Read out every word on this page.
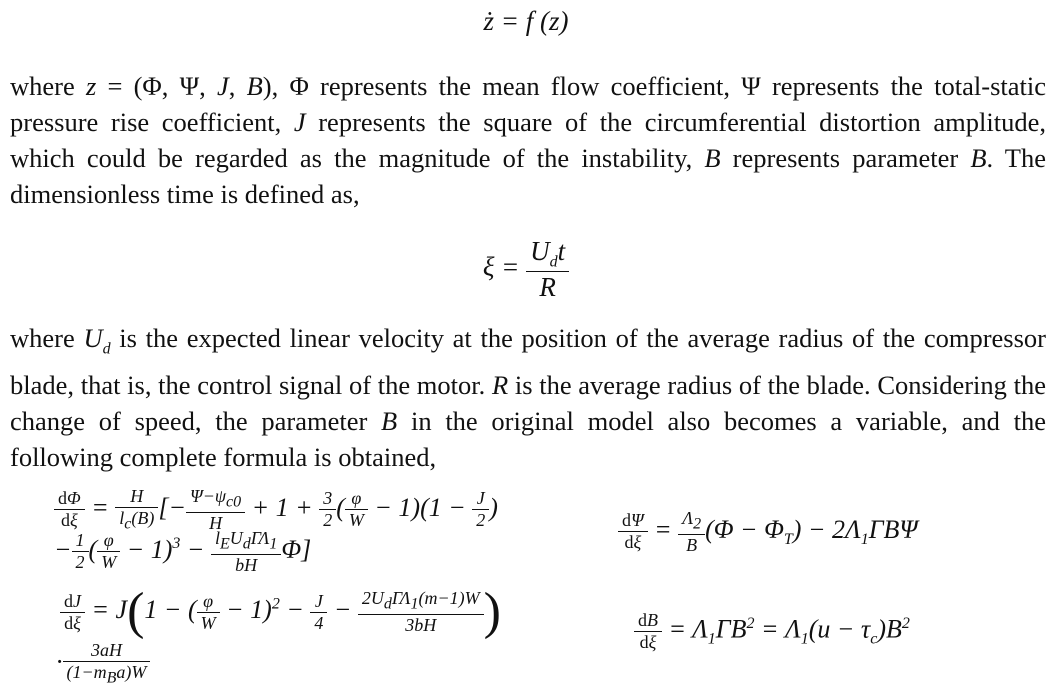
ż = f (z)

where z = (Φ, Ψ, J, B), Φ represents the mean flow coefficient, Ψ represents the total-static pressure rise coefficient, J represents the square of the circumferential distortion amplitude, which could be regarded as the magnitude of the instability, B represents parameter B. The dimensionless time is defined as,

$\xi = \frac{U_dt}{R}$

where $U_d$ is the expected linear velocity at the position of the average radius of the compressor blade, that is, the control signal of the motor. R is the average radius of the blade. Considering the change of speed, the parameter B in the original model also becomes a variable, and the following complete formula is obtained,

$\frac{d\Phi}{d\xi} = \frac{H}{l_c(B)}$ [− $\frac{\Psi-\psi_{c0}}{H} + 1 + \frac{3}{2}$ ( $\frac{\varphi}{W} - 1)(1 - \frac{J}{2}$ )
− $\frac{1}{2}$ ( $\frac{\varphi}{W} - 1)^3 - \frac{l_EU_d\Gamma\Lambda_1}{bH} \Phi$]	$\frac{d\Psi}{d\xi} = \frac{\Lambda_2}{B} (\Phi - \Phi_T) - 2\Lambda_1\Gamma B\Psi$
$\frac{dJ}{d\xi} = J(1$ − ( $\frac{\varphi}{W} - 1)^2 - \frac{J}{4} - \frac{2U_d\Gamma\Lambda_1(m-1)W}{3bH}$ )
· $\frac{3aH}{(1-m_Ba)W}$
$\frac{dB}{d\xi} = \Lambda_1\Gamma B^2 = \Lambda_1(u - \tau_c)B^2$
